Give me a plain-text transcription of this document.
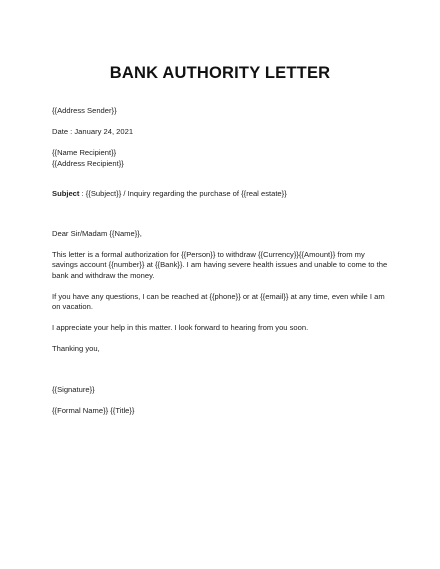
BANK AUTHORITY LETTER
{{Address Sender}}
Date : January 24, 2021
{{Name Recipient}}
{{Address Recipient}}
Subject : {{Subject}} / Inquiry regarding the purchase of {{real estate}}
Dear Sir/Madam {{Name}},

This letter is a formal authorization for {{Person}} to withdraw {{Currency}}{{Amount}} from my savings account {{number}} at {{Bank}}. I am having severe health issues and unable to come to the bank and withdraw the money.

If you have any questions, I can be reached at {{phone}} or at {{email}} at any time, even while I am on vacation.

I appreciate your help in this matter. I look forward to hearing from you soon.

Thanking you,
{{Signature}}
{{Formal Name}} {{Title}}
